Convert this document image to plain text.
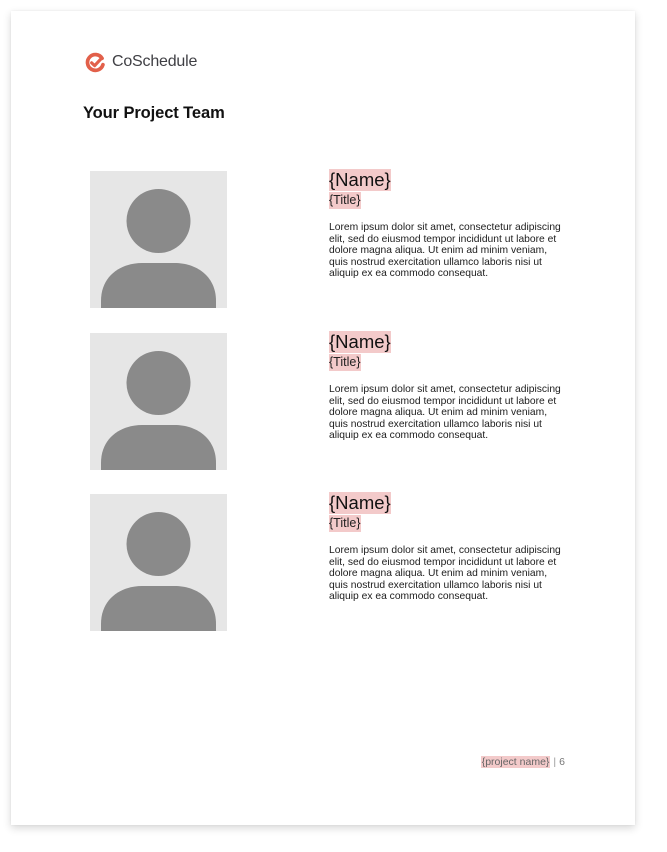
CoSchedule
Your Project Team
{Name}
{Title}

Lorem ipsum dolor sit amet, consectetur adipiscing elit, sed do eiusmod tempor incididunt ut labore et dolore magna aliqua. Ut enim ad minim veniam, quis nostrud exercitation ullamco laboris nisi ut aliquip ex ea commodo consequat.

{Name}
{Title}

Lorem ipsum dolor sit amet, consectetur adipiscing elit, sed do eiusmod tempor incididunt ut labore et dolore magna aliqua. Ut enim ad minim veniam, quis nostrud exercitation ullamco laboris nisi ut aliquip ex ea commodo consequat.

{Name}
{Title}

Lorem ipsum dolor sit amet, consectetur adipiscing elit, sed do eiusmod tempor incididunt ut labore et dolore magna aliqua. Ut enim ad minim veniam, quis nostrud exercitation ullamco laboris nisi ut aliquip ex ea commodo consequat.

{project name} | 6
